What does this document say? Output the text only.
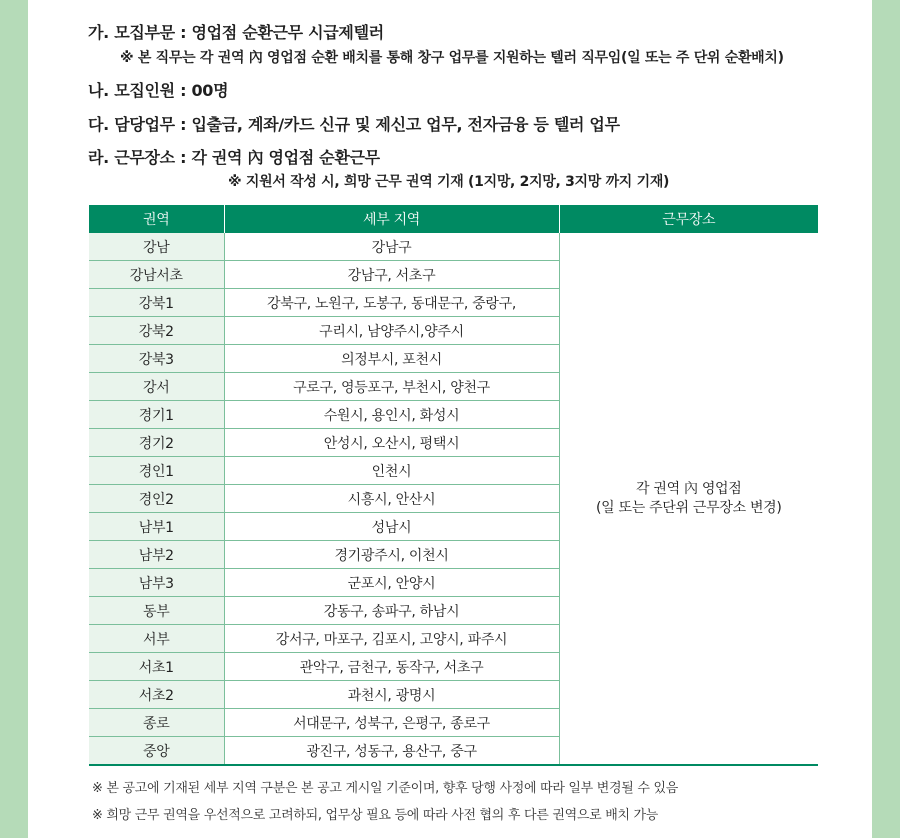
가. 모집부문 : 영업점 순환근무 시급제텔러
※ 본 직무는 각 권역 內 영업점 순환 배치를 통해 창구 업무를 지원하는 텔러 직무임(일 또는 주 단위 순환배치)
나. 모집인원 : 00명
다. 담당업무 : 입출금, 계좌/카드 신규 및 제신고 업무, 전자금융 등 텔러 업무
라. 근무장소 : 각 권역 內 영업점 순환근무
※ 지원서 작성 시, 희망 근무 권역 기재 (1지망, 2지망, 3지망 까지 기재)
권역	세부 지역	근무장소
강남	강남구	각 권역 內 영업점
(일 또는 주단위 근무장소 변경)

강남서초	강남구, 서초구	
강북1	강북구, 노원구, 도봉구, 동대문구, 중랑구,	
강북2	구리시, 남양주시,양주시	
강북3	의정부시, 포천시	
강서	구로구, 영등포구, 부천시, 양천구	
경기1	수원시, 용인시, 화성시	
경기2	안성시, 오산시, 평택시	
경인1	인천시	
경인2	시흥시, 안산시	
남부1	성남시	
남부2	경기광주시, 이천시	
남부3	군포시, 안양시	
동부	강동구, 송파구, 하남시	
서부	강서구, 마포구, 김포시, 고양시, 파주시	
서초1	관악구, 금천구, 동작구, 서초구	
서초2	과천시, 광명시	
종로	서대문구, 성북구, 은평구, 종로구	
중앙	광진구, 성동구, 용산구, 중구	
※ 본 공고에 기재된 세부 지역 구분은 본 공고 게시일 기준이며, 향후 당행 사정에 따라 일부 변경될 수 있음
※ 희망 근무 권역을 우선적으로 고려하되, 업무상 필요 등에 따라 사전 협의 후 다른 권역으로 배치 가능
